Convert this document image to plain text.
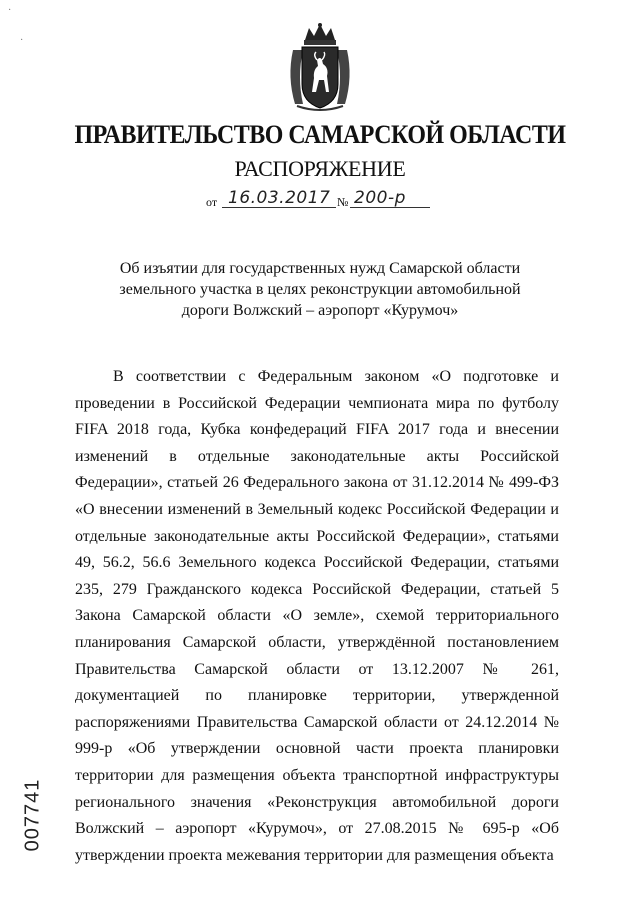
·
·
ПРАВИТЕЛЬСТВО САМАРСКОЙ ОБЛАСТИ
РАСПОРЯЖЕНИЕ
от 16.03.2017 № 200-р
Об изъятии для государственных нужд Самарской области земельного участка в целях реконструкции автомобильной дороги Волжский – аэропорт «Курумоч»

В соответствии с Федеральным законом «О подготовке и проведении в Российской Федерации чемпионата мира по футболу FIFA 2018 года, Кубка конфедераций FIFA 2017 года и внесении изменений в отдельные законодательные акты Российской Федерации», статьей 26 Федерального закона от 31.12.2014 № 499-ФЗ «О внесении изменений в Земельный кодекс Российской Федерации и отдельные законодательные акты Российской Федерации», статьями 49, 56.2, 56.6 Земельного кодекса Российской Федерации, статьями 235, 279 Гражданского кодекса Российской Федерации, статьей 5 Закона Самарской области «О земле», схемой территориального планирования Самарской области, утверждённой постановлением Правительства Самарской области от 13.12.2007 № 261, документацией по планировке территории, утвержденной распоряжениями Правительства Самарской области от 24.12.2014 № 999-р «Об утверждении основной части проекта планировки территории для размещения объекта транспортной инфраструктуры регионального значения «Реконструкция автомобильной дороги Волжский – аэропорт «Курумоч», от 27.08.2015 № 695-р «Об утверждении проекта межевания территории для размещения объекта

007741
